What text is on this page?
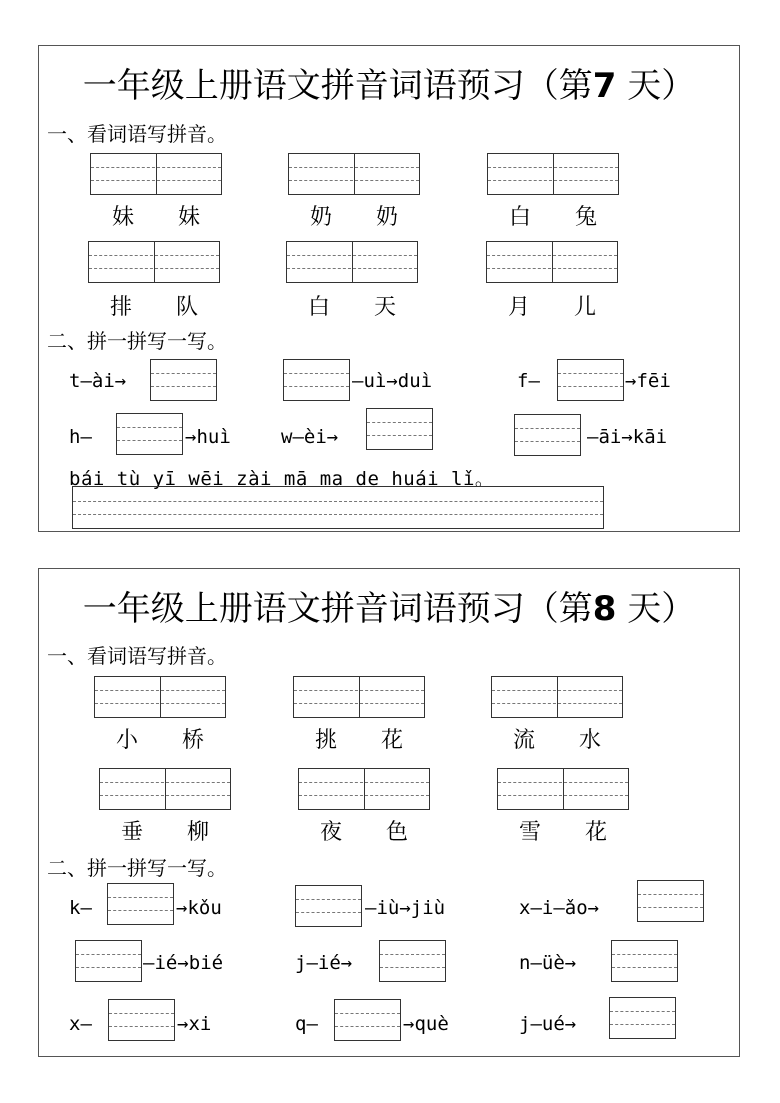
一年级上册语文拼音词语预习（第7 天）
一、看词语写拼音。
妹	妹	奶	奶	白	兔
排	队	白	天	月	儿
二、拼一拼写一写。
t—ài→	—uì→duì	f—	→fēi
h—	→huì	w—èi→	—āi→kāi
bái tù yī wēi zài mā ma de huái lǐ。
一年级上册语文拼音词语预习（第8 天）
一、看词语写拼音。
小	桥	挑	花	流	水
垂	柳	夜	色	雪	花
二、拼一拼写一写。
k—	→kǒu	—iù→jiù	x—i—ǎo→
—ié→bié	j—ié→	n—üè→
x—	→xi	q—	→què	j—ué→
